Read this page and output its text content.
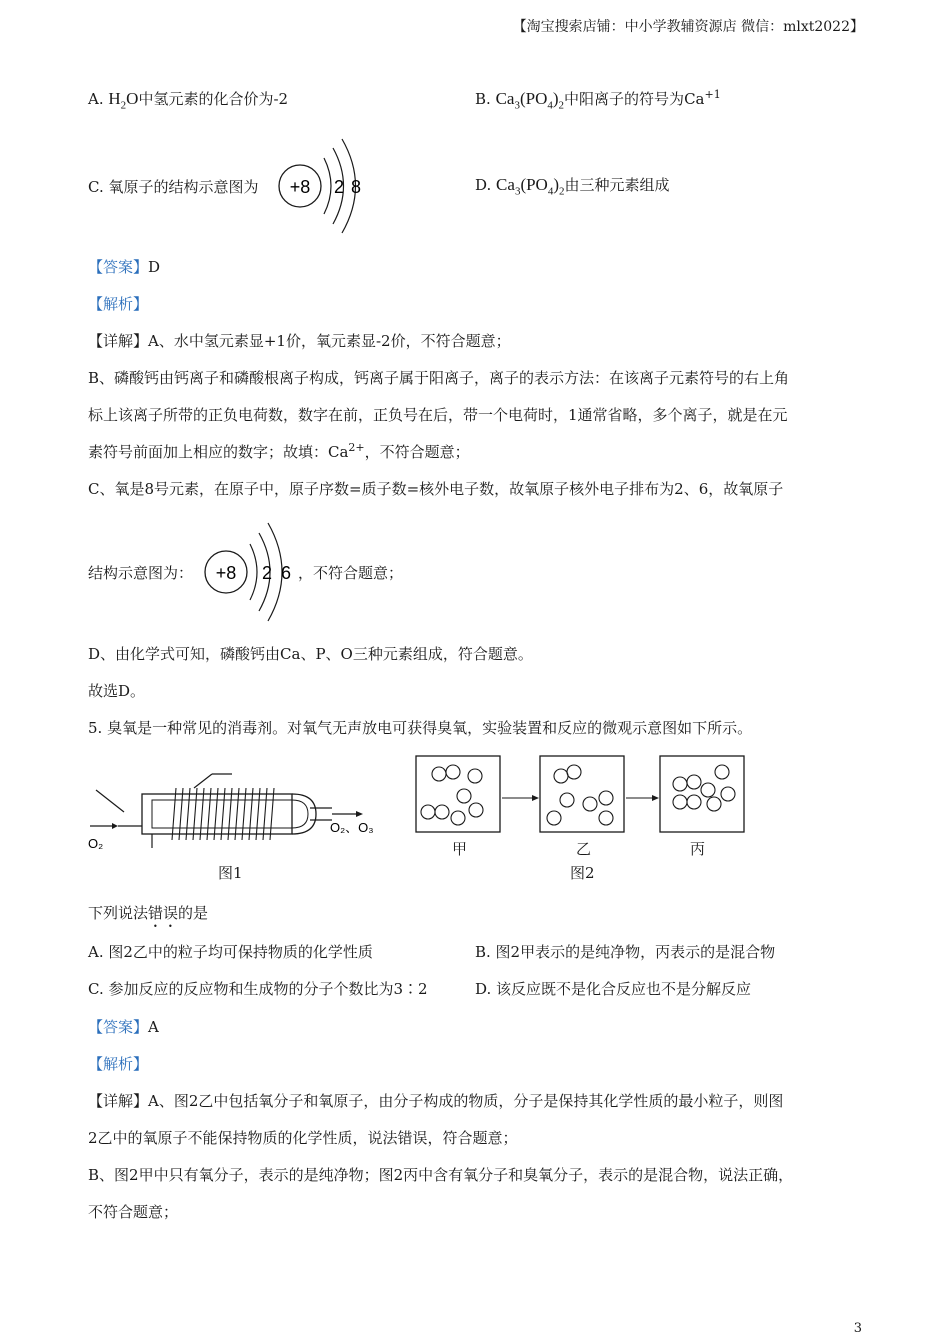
【淘宝搜索店铺：中小学教辅资源店 微信：mlxt2022】
A. $H_2O$中氢元素的化合价为-2	B. $Ca_3(PO_4)_2$中阳离子的符号为$Ca^{+1}$
C. 氧原子的结构示意图为 +8 2 8	D. $Ca_3(PO_4)_2$由三种元素组成
【答案】D
【解析】
【详解】A、水中氢元素显+1价，氧元素显-2价，不符合题意；
B、磷酸钙由钙离子和磷酸根离子构成，钙离子属于阳离子，离子的表示方法：在该离子元素符号的右上角
标上该离子所带的正负电荷数，数字在前，正负号在后，带一个电荷时，1通常省略，多个离子，就是在元
素符号前面加上相应的数字；故填：$Ca^{2+}$，不符合题意；
C、氧是8号元素，在原子中，原子序数=质子数=核外电子数，故氧原子核外电子排布为2、6，故氧原子
结构示意图为： +8 2 6 ，不符合题意；
D、由化学式可知，磷酸钙由Ca、P、O三种元素组成，符合题意。
故选D。
5. 臭氧是一种常见的消毒剂。对氧气无声放电可获得臭氧，实验装置和反应的微观示意图如下所示。
O₂
O₂、O₃
图1
甲	乙	丙
图2
下列说法错误的是
A. 图2乙中的粒子均可保持物质的化学性质	B. 图2甲表示的是纯净物，丙表示的是混合物
C. 参加反应的反应物和生成物的分子个数比为3∶2	D. 该反应既不是化合反应也不是分解反应
【答案】A
【解析】
【详解】A、图2乙中包括氧分子和氧原子，由分子构成的物质，分子是保持其化学性质的最小粒子，则图
2乙中的氧原子不能保持物质的化学性质，说法错误，符合题意；
B、图2甲中只有氧分子，表示的是纯净物；图2丙中含有氧分子和臭氧分子，表示的是混合物，说法正确，
不符合题意；
3
